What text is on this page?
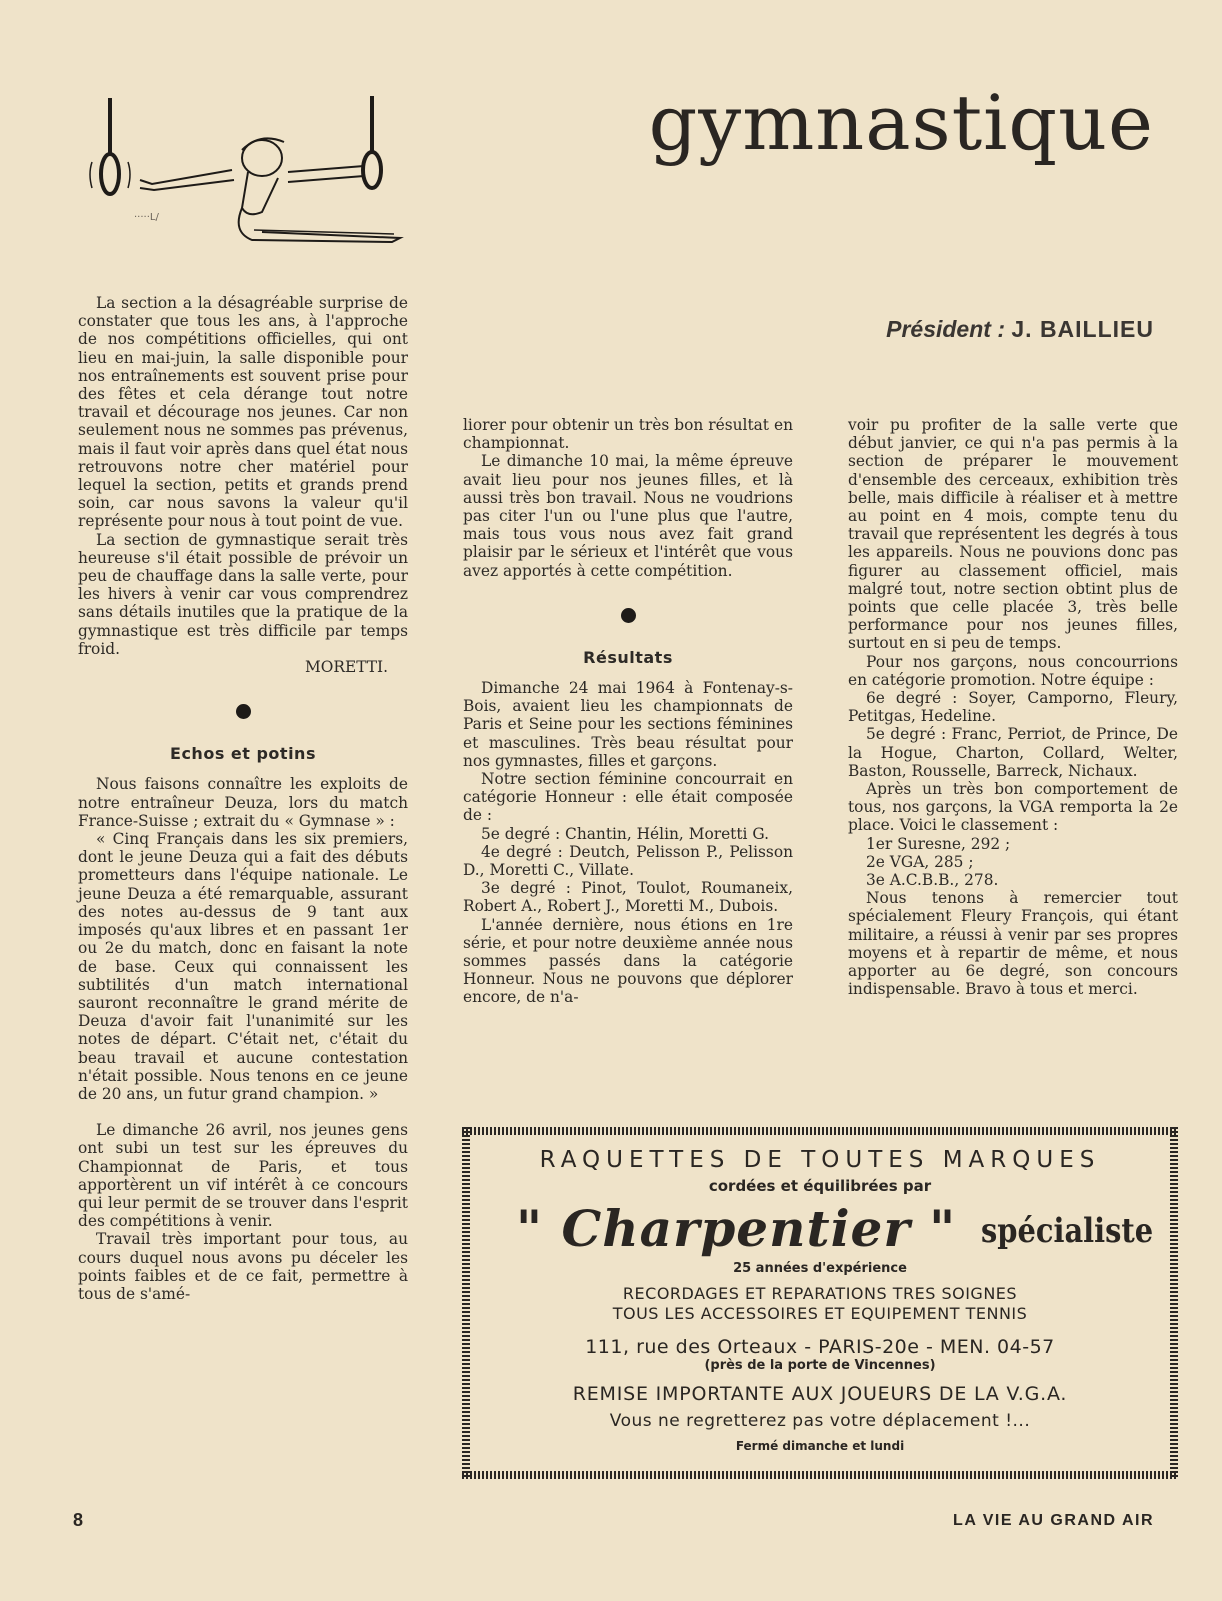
·····L/
gymnastique
Président : J. BAILLIEU

La section a la désagréable surprise de constater que tous les ans, à l'approche de nos compétitions officielles, qui ont lieu en mai-juin, la salle disponible pour nos entraînements est souvent prise pour des fêtes et cela dérange tout notre travail et décourage nos jeunes. Car non seulement nous ne sommes pas prévenus, mais il faut voir après dans quel état nous retrouvons notre cher matériel pour lequel la section, petits et grands prend soin, car nous savons la valeur qu'il représente pour nous à tout point de vue.

La section de gymnastique serait très heureuse s'il était possible de prévoir un peu de chauffage dans la salle verte, pour les hivers à venir car vous comprendrez sans détails inutiles que la pratique de la gymnastique est très difficile par temps froid.

MORETTI.

Echos et potins

Nous faisons connaître les exploits de notre entraîneur Deuza, lors du match France-Suisse ; extrait du « Gymnase » :

« Cinq Français dans les six premiers, dont le jeune Deuza qui a fait des débuts prometteurs dans l'équipe nationale. Le jeune Deuza a été remarquable, assurant des notes au-dessus de 9 tant aux imposés qu'aux libres et en passant 1er ou 2e du match, donc en faisant la note de base. Ceux qui connaissent les subtilités d'un match international sauront reconnaître le grand mérite de Deuza d'avoir fait l'unanimité sur les notes de départ. C'était net, c'était du beau travail et aucune contestation n'était possible. Nous tenons en ce jeune de 20 ans, un futur grand champion. »

Le dimanche 26 avril, nos jeunes gens ont subi un test sur les épreuves du Championnat de Paris, et tous apportèrent un vif intérêt à ce concours qui leur permit de se trouver dans l'esprit des compétitions à venir.

Travail très important pour tous, au cours duquel nous avons pu déceler les points faibles et de ce fait, permettre à tous de s'amé-

liorer pour obtenir un très bon résultat en championnat.

Le dimanche 10 mai, la même épreuve avait lieu pour nos jeunes filles, et là aussi très bon travail. Nous ne voudrions pas citer l'un ou l'une plus que l'autre, mais tous vous nous avez fait grand plaisir par le sérieux et l'intérêt que vous avez apportés à cette compétition.

Résultats

Dimanche 24 mai 1964 à Fontenay-s-Bois, avaient lieu les championnats de Paris et Seine pour les sections féminines et masculines. Très beau résultat pour nos gymnastes, filles et garçons.

Notre section féminine concourrait en catégorie Honneur : elle était composée de :

5e degré : Chantin, Hélin, Moretti G.

4e degré : Deutch, Pelisson P., Pelisson D., Moretti C., Villate.

3e degré : Pinot, Toulot, Roumaneix, Robert A., Robert J., Moretti M., Dubois.

L'année dernière, nous étions en 1re série, et pour notre deuxième année nous sommes passés dans la catégorie Honneur. Nous ne pouvons que déplorer encore, de n'a-

voir pu profiter de la salle verte que début janvier, ce qui n'a pas permis à la section de préparer le mouvement d'ensemble des cerceaux, exhibition très belle, mais difficile à réaliser et à mettre au point en 4 mois, compte tenu du travail que représentent les degrés à tous les appareils. Nous ne pouvions donc pas figurer au classement officiel, mais malgré tout, notre section obtint plus de points que celle placée 3, très belle performance pour nos jeunes filles, surtout en si peu de temps.

Pour nos garçons, nous concourrions en catégorie promotion. Notre équipe :

6e degré : Soyer, Camporno, Fleury, Petitgas, Hedeline.

5e degré : Franc, Perriot, de Prince, De la Hogue, Charton, Collard, Welter, Baston, Rousselle, Barreck, Nichaux.

Après un très bon comportement de tous, nos garçons, la VGA remporta la 2e place. Voici le classement :

1er Suresne, 292 ;

2e VGA, 285 ;

3e A.C.B.B., 278.

Nous tenons à remercier tout spécialement Fleury François, qui étant militaire, a réussi à venir par ses propres moyens et à repartir de même, et nous apporter au 6e degré, son concours indispensable. Bravo à tous et merci.

RAQUETTES DE TOUTES MARQUES
cordées et équilibrées par
" Charpentier " spécialiste
25 années d'expérience
RECORDAGES ET REPARATIONS TRES SOIGNES
TOUS LES ACCESSOIRES ET EQUIPEMENT TENNIS
111, rue des Orteaux - PARIS-20e - MEN. 04-57
(près de la porte de Vincennes)
REMISE IMPORTANTE AUX JOUEURS DE LA V.G.A.
Vous ne regretterez pas votre déplacement !...
Fermé dimanche et lundi
8	LA VIE AU GRAND AIR
